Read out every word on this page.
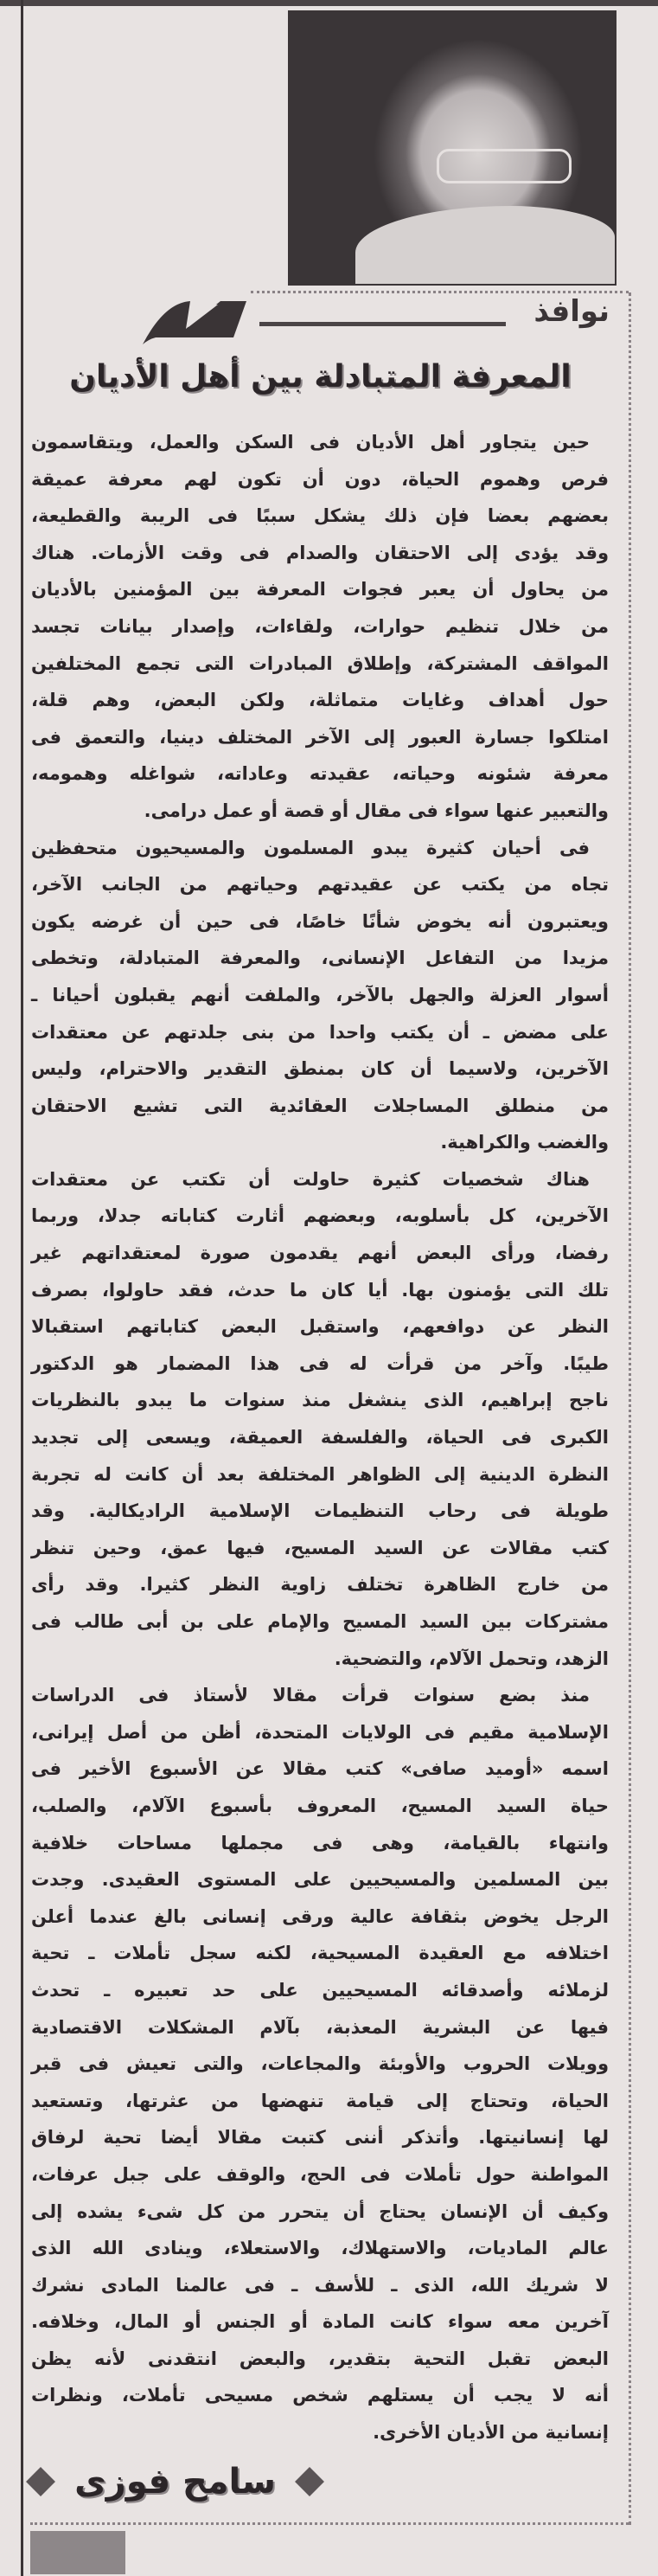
نوافذ
المعرفة المتبادلة بين أهل الأديان
حين يتجاور أهل الأديان فى السكن والعمل، ويتقاسمون
فرص وهموم الحياة، دون أن تكون لهم معرفة عميقة
بعضهم بعضا فإن ذلك يشكل سببًا فى الريبة والقطيعة،
وقد يؤدى إلى الاحتقان والصدام فى وقت الأزمات. هناك
من يحاول أن يعبر فجوات المعرفة بين المؤمنين بالأديان
من خلال تنظيم حوارات، ولقاءات، وإصدار بيانات تجسد
المواقف المشتركة، وإطلاق المبادرات التى تجمع المختلفين
حول أهداف وغايات متماثلة، ولكن البعض، وهم قلة،
امتلكوا جسارة العبور إلى الآخر المختلف دينيا، والتعمق فى
معرفة شئونه وحياته، عقيدته وعاداته، شواغله وهمومه،
والتعبير عنها سواء فى مقال أو قصة أو عمل درامى.
فى أحيان كثيرة يبدو المسلمون والمسيحيون متحفظين
تجاه من يكتب عن عقيدتهم وحياتهم من الجانب الآخر،
ويعتبرون أنه يخوض شأنًا خاصًا، فى حين أن غرضه يكون
مزيدا من التفاعل الإنسانى، والمعرفة المتبادلة، وتخطى
أسوار العزلة والجهل بالآخر، والملفت أنهم يقبلون أحيانا ـ
على مضض ـ أن يكتب واحدا من بنى جلدتهم عن معتقدات
الآخرين، ولاسيما أن كان بمنطق التقدير والاحترام، وليس
من منطلق المساجلات العقائدية التى تشيع الاحتقان
والغضب والكراهية.
هناك شخصيات كثيرة حاولت أن تكتب عن معتقدات
الآخرين، كل بأسلوبه، وبعضهم أثارت كتاباته جدلا، وربما
رفضا، ورأى البعض أنهم يقدمون صورة لمعتقداتهم غير
تلك التى يؤمنون بها. أيا كان ما حدث، فقد حاولوا، بصرف
النظر عن دوافعهم، واستقبل البعض كتاباتهم استقبالا
طيبًا. وآخر من قرأت له فى هذا المضمار هو الدكتور
ناجح إبراهيم، الذى ينشغل منذ سنوات ما يبدو بالنظريات
الكبرى فى الحياة، والفلسفة العميقة، ويسعى إلى تجديد
النظرة الدينية إلى الظواهر المختلفة بعد أن كانت له تجربة
طويلة فى رحاب التنظيمات الإسلامية الراديكالية. وقد
كتب مقالات عن السيد المسيح، فيها عمق، وحين تنظر
من خارج الظاهرة تختلف زاوية النظر كثيرا. وقد رأى
مشتركات بين السيد المسيح والإمام على بن أبى طالب فى
الزهد، وتحمل الآلام، والتضحية.
منذ بضع سنوات قرأت مقالا لأستاذ فى الدراسات
الإسلامية مقيم فى الولايات المتحدة، أظن من أصل إيرانى،
اسمه «أوميد صافى» كتب مقالا عن الأسبوع الأخير فى
حياة السيد المسيح، المعروف بأسبوع الآلام، والصلب،
وانتهاء بالقيامة، وهى فى مجملها مساحات خلافية
بين المسلمين والمسيحيين على المستوى العقيدى. وجدت
الرجل يخوض بثقافة عالية ورقى إنسانى بالغ عندما أعلن
اختلافه مع العقيدة المسيحية، لكنه سجل تأملات ـ تحية
لزملائه وأصدقائه المسيحيين على حد تعبيره ـ تحدث
فيها عن البشرية المعذبة، بآلام المشكلات الاقتصادية
وويلات الحروب والأوبئة والمجاعات، والتى تعيش فى قبر
الحياة، وتحتاج إلى قيامة تنهضها من عثرتها، وتستعيد
لها إنسانيتها. وأتذكر أننى كتبت مقالا أيضا تحية لرفاق
المواطنة حول تأملات فى الحج، والوقف على جبل عرفات،
وكيف أن الإنسان يحتاج أن يتحرر من كل شىء يشده إلى
عالم الماديات، والاستهلاك، والاستعلاء، وينادى الله الذى
لا شريك الله، الذى ـ للأسف ـ فى عالمنا المادى نشرك
آخرين معه سواء كانت المادة أو الجنس أو المال، وخلافه.
البعض تقبل التحية بتقدير، والبعض انتقدنى لأنه يظن
أنه لا يجب أن يستلهم شخص مسيحى تأملات، ونظرات
إنسانية من الأديان الأخرى.
سامح فوزى
